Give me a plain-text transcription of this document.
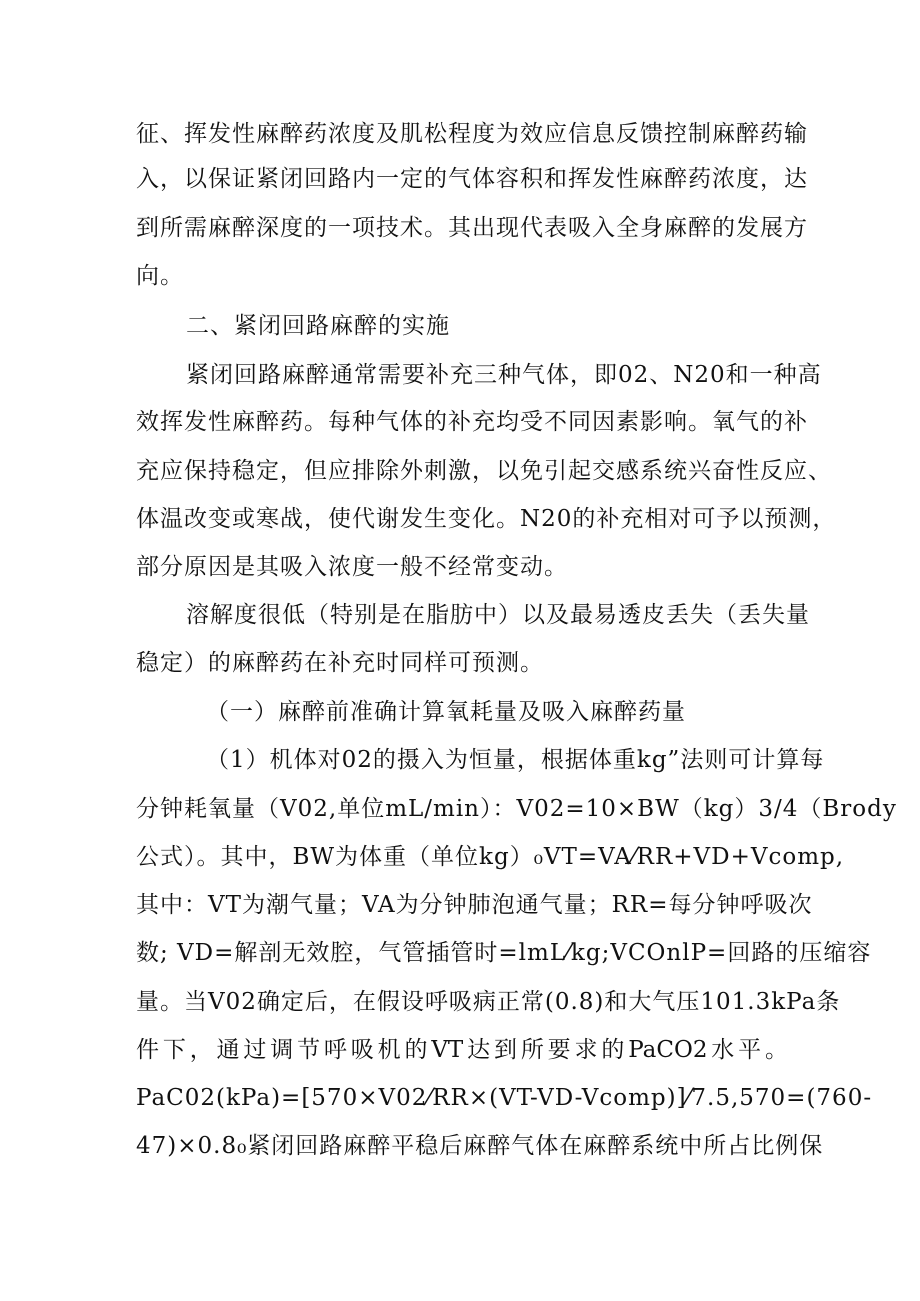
征、挥发性麻醉药浓度及肌松程度为效应信息反馈控制麻醉药输
入，以保证紧闭回路内一定的气体容积和挥发性麻醉药浓度，达
到所需麻醉深度的一项技术。其出现代表吸入全身麻醉的发展方
向。
二、紧闭回路麻醉的实施
紧闭回路麻醉通常需要补充三种气体，即02、N20和一种高
效挥发性麻醉药。每种气体的补充均受不同因素影响。氧气的补
充应保持稳定，但应排除外刺激，以免引起交感系统兴奋性反应、
体温改变或寒战，使代谢发生变化。N20的补充相对可予以预测，
部分原因是其吸入浓度一般不经常变动。
溶解度很低（特别是在脂肪中）以及最易透皮丢失（丢失量
稳定）的麻醉药在补充时同样可预测。
（一）麻醉前准确计算氧耗量及吸入麻醉药量
（1）机体对02的摄入为恒量，根据体重kg”法则可计算每
分钟耗氧量（V02,单位mL/min）：V02=10×BW（kg）3/4（Brody
公式）。其中，BW为体重（单位kg）₀VT=VA⁄RR+VD+Vcomp,
其中：VT为潮气量；VA为分钟肺泡通气量；RR=每分钟呼吸次
数; VD=解剖无效腔，气管插管时=lmL⁄kg;VCOnlP=回路的压缩容
量。当V02确定后，在假设呼吸病正常(0.8)和大气压101.3kPa条
件下，通过调节呼吸机的VT达到所要求的PaCO2水平。
PaC02(kPa)=[570×V02⁄RR×(VT-VD-Vcomp)]⁄7.5,570=(760-
47)×0.8₀紧闭回路麻醉平稳后麻醉气体在麻醉系统中所占比例保
